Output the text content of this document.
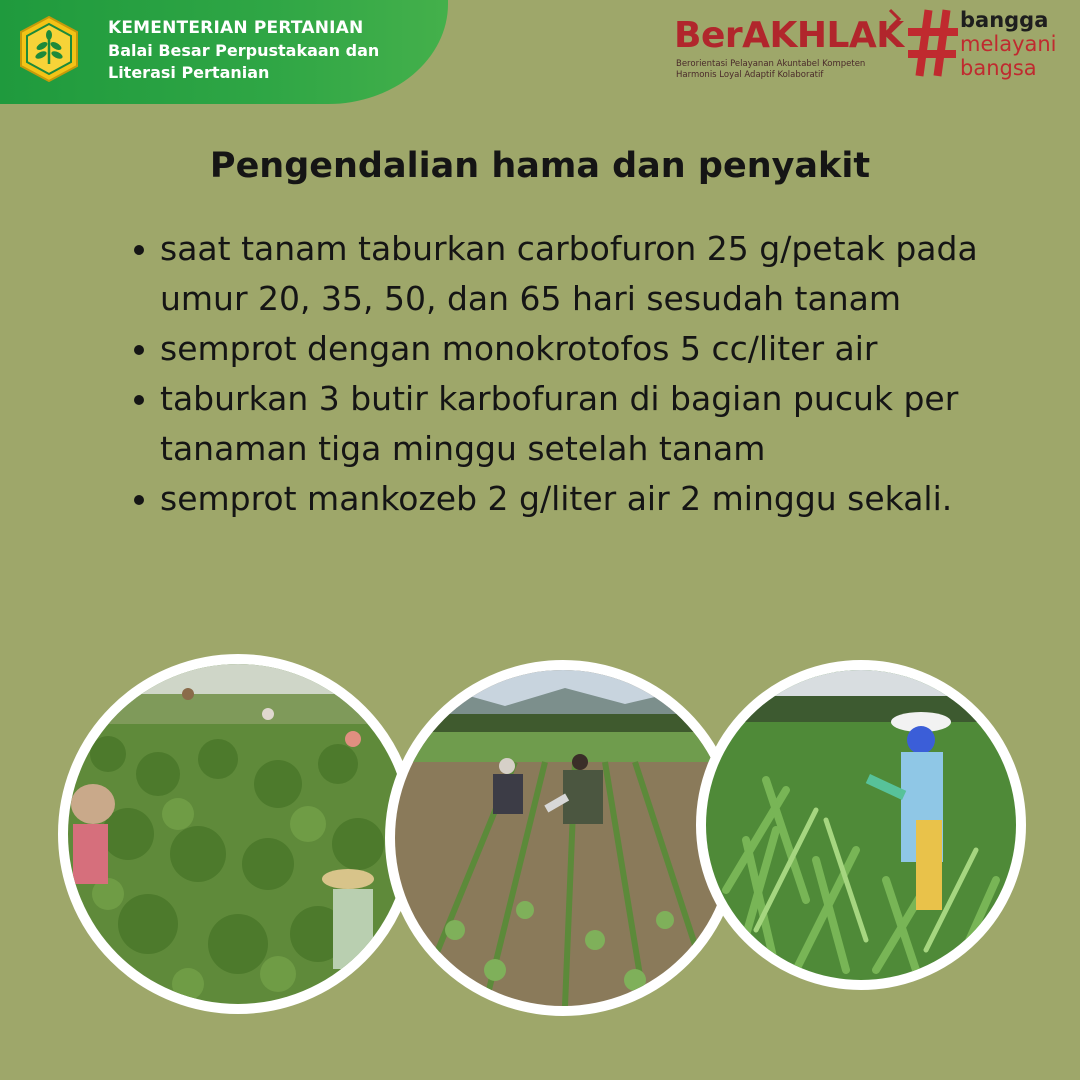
KEMENTERIAN PERTANIAN
Balai Besar Perpustakaan dan
Literasi Pertanian
BerAKHLAK
Berorientasi Pelayanan Akuntabel Kompeten
Harmonis Loyal Adaptif Kolaboratif
bangga
melayani
bangsa
Pengendalian hama dan penyakit
saat tanam taburkan carbofuron 25 g/petak pada umur 20, 35, 50, dan 65 hari sesudah tanam
semprot dengan monokrotofos 5 cc/liter air
taburkan 3 butir karbofuran di bagian pucuk per tanaman tiga minggu setelah tanam
semprot mankozeb 2 g/liter air 2 minggu sekali.
